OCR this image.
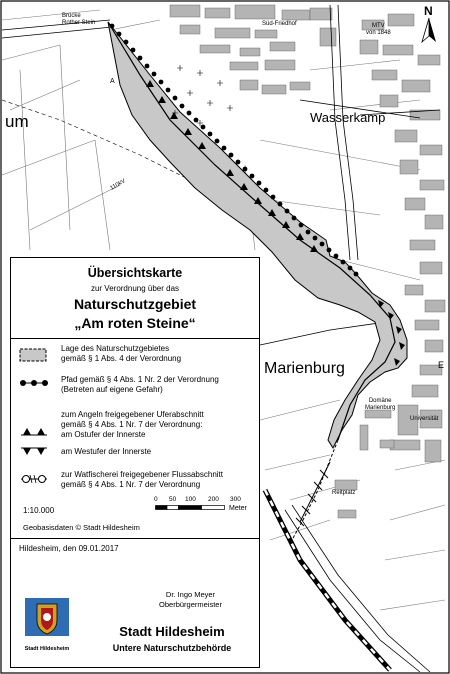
Brücke
Rother Stein	Süd-Friedhof	MTV
von 1848
Wasserkamp
um
Marienburg
Domäne
Marienburg
Universität
Reitplatz
110kV
A
E
N
Übersichtskarte
zur Verordnung über das
Naturschutzgebiet
„Am roten Steine“
Lage des Naturschutzgebietes
gemäß § 1 Abs. 4 der Verordnung
Pfad gemäß § 4 Abs. 1 Nr. 2 der Verordnung
(Betreten auf eigene Gefahr)
zum Angeln freigegebener Uferabschnitt
gemäß § 4 Abs. 1 Nr. 7 der Verordnung:
am Ostufer der Innerste
am Westufer der Innerste
zur Watfischerei freigegebener Flussabschnitt
gemäß § 4 Abs. 1 Nr. 7 der Verordnung
0 50 100 200 300
Meter
1:10.000
Geobasisdaten © Stadt Hildesheim
Hildesheim, den 09.01.2017
Dr. Ingo Meyer
Oberbürgermeister
Stadt Hildesheim
Stadt Hildesheim
Untere Naturschutzbehörde
